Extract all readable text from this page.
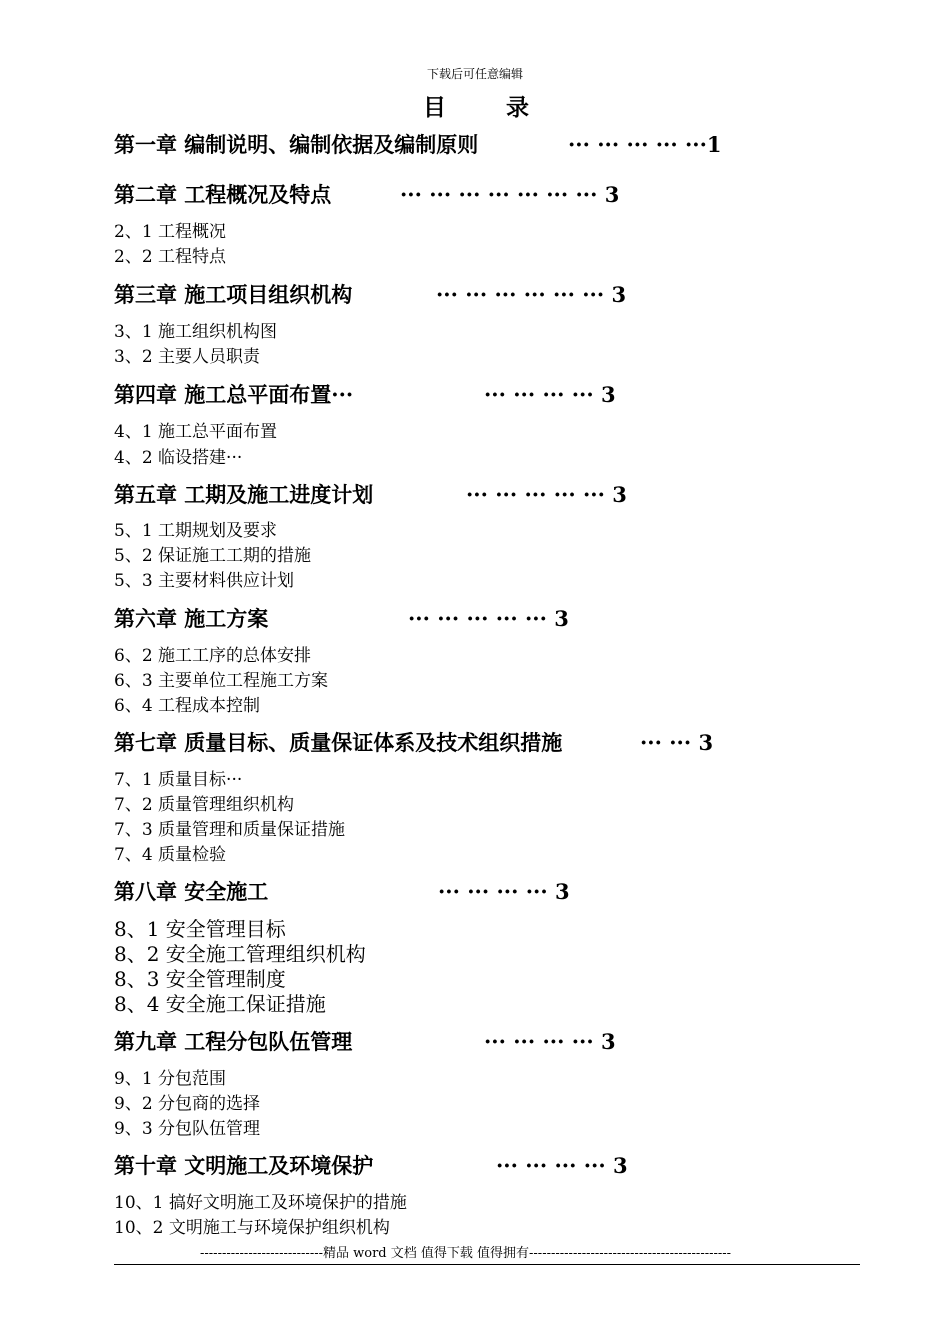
下载后可任意编辑
目 录
第一章 编制说明、编制依据及编制原则	··· ··· ··· ··· ···1
第二章 工程概况及特点	··· ··· ··· ··· ··· ··· ··· 3
2、1 工程概况
2、2 工程特点
第三章 施工项目组织机构	··· ··· ··· ··· ··· ··· 3
3、1 施工组织机构图
3、2 主要人员职责
第四章 施工总平面布置···	··· ··· ··· ··· 3
4、1 施工总平面布置
4、2 临设搭建···
第五章 工期及施工进度计划	··· ··· ··· ··· ··· 3
5、1 工期规划及要求
5、2 保证施工工期的措施
5、3 主要材料供应计划
第六章 施工方案	··· ··· ··· ··· ··· 3
6、2 施工工序的总体安排
6、3 主要单位工程施工方案
6、4 工程成本控制
第七章 质量目标、质量保证体系及技术组织措施	··· ··· 3
7、1 质量目标···
7、2 质量管理组织机构
7、3 质量管理和质量保证措施
7、4 质量检验
第八章 安全施工	··· ··· ··· ··· 3
8、1 安全管理目标
8、2 安全施工管理组织机构
8、3 安全管理制度
8、4 安全施工保证措施
第九章 工程分包队伍管理	··· ··· ··· ··· 3
9、1 分包范围
9、2 分包商的选择
9、3 分包队伍管理
第十章 文明施工及环境保护	··· ··· ··· ··· 3
10、1 搞好文明施工及环境保护的措施
10、2 文明施工与环境保护组织机构
----------------------------精品 word 文档 值得下载 值得拥有----------------------------------------------
